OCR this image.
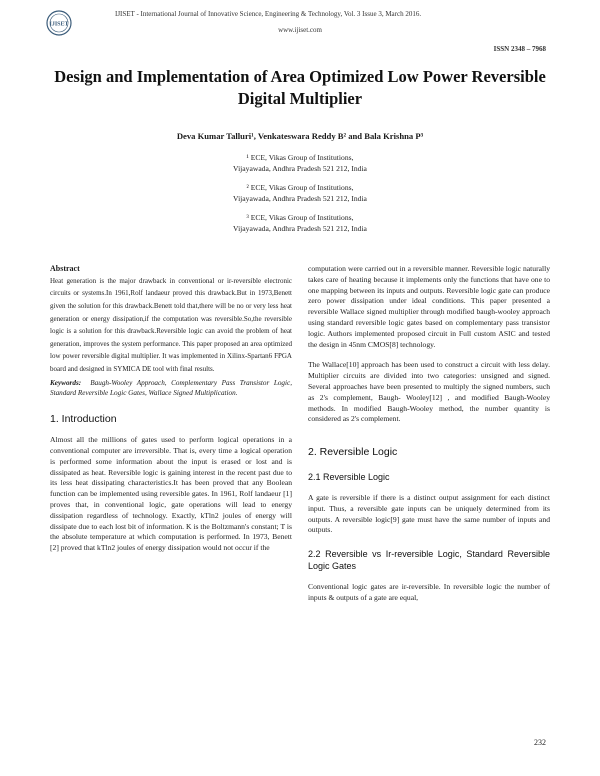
IJISET
IJISET - International Journal of Innovative Science, Engineering & Technology, Vol. 3 Issue 3, March 2016.
www.ijiset.com
ISSN 2348 – 7968
Design and Implementation of Area Optimized Low Power Reversible
Digital Multiplier
Deva Kumar Talluri¹, Venkateswara Reddy B² and Bala Krishna P³
¹ ECE, Vikas Group of Institutions,
Vijayawada, Andhra Pradesh 521 212, India
² ECE, Vikas Group of Institutions,
Vijayawada, Andhra Pradesh 521 212, India
³ ECE, Vikas Group of Institutions,
Vijayawada, Andhra Pradesh 521 212, India

Abstract

Heat generation is the major drawback in conventional or ir-reversible electronic circuits or systems.In 1961,Rolf landaeur proved this drawback.But in 1973,Benett given the solution for this drawback.Benett told that,there will be no or very less heat generation or energy dissipation,if the computation was reversible.So,the reversible logic is a solution for this drawback.Reversible logic can avoid the problem of heat generation, improves the system performance. This paper proposed an area optimized low power reversible digital multiplier. It was implemented in Xilinx-Spartan6 FPGA board and designed in SYMICA DE tool with final results.

Keywords: Baugh-Wooley Approach, Complementary Pass Transistor Logic, Standard Reversible Logic Gates, Wallace Signed Multiplication.

1. Introduction

Almost all the millions of gates used to perform logical operations in a conventional computer are irreversible. That is, every time a logical operation is performed some information about the input is erased or lost and is dissipated as heat. Reversible logic is gaining interest in the recent past due to its less heat dissipating characteristics.It has been proved that any Boolean function can be implemented using reversible gates. In 1961, Rolf landaeur [1] proves that, in conventional logic, gate operations will lead to energy dissipation regardless of technology. Exactly, kTln2 joules of energy will dissipate due to each lost bit of information. K is the Boltzmann's constant; T is the absolute temperature at which computation is performed. In 1973, Benett [2] proved that kTln2 joules of energy dissipation would not occur if the

computation were carried out in a reversible manner. Reversible logic naturally takes care of heating because it implements only the functions that have one to one mapping between its inputs and outputs. Reversible logic gate can produce zero power dissipation under ideal conditions. This paper presented a reversible Wallace signed multiplier through modified baugh-wooley approach using standard reversible logic gates based on complementary pass transistor logic. Authors implemented proposed circuit in Full custom ASIC and tested the design in 45nm CMOS[8] technology.

The Wallace[10] approach has been used to construct a circuit with less delay. Multiplier circuits are divided into two categories: unsigned and signed. Several approaches have been presented to multiply the signed numbers, such as 2's complement, Baugh- Wooley[12] , and modified Baugh-Wooley methods. In modified Baugh-Wooley method, the number quantity is considered as 2's complement.

2. Reversible Logic

2.1 Reversible Logic

A gate is reversible if there is a distinct output assignment for each distinct input. Thus, a reversible gate inputs can be uniquely determined from its outputs. A reversible logic[9] gate must have the same number of inputs and outputs.

2.2 Reversible vs Ir-reversible Logic, Standard Reversible Logic Gates

Conventional logic gates are ir-reversible. In reversible logic the number of inputs & outputs of a gate are equal,

232
